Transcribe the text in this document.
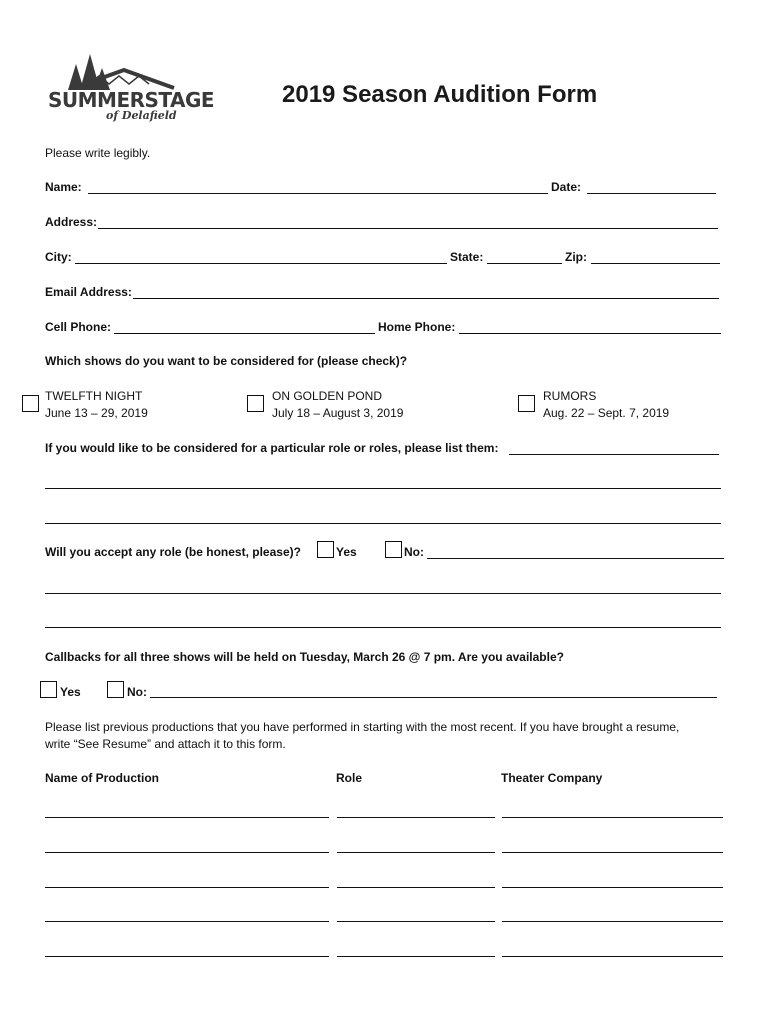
SUMMERSTAGE
of Delafield
2019 Season Audition Form
Please write legibly.
Name:	Date:
Address:
City:	State:	Zip:
Email Address:
Cell Phone:	Home Phone:
Which shows do you want to be considered for (please check)?
TWELFTH NIGHT
June 13 – 29, 2019
ON GOLDEN POND
July 18 – August 3, 2019
RUMORS
Aug. 22 – Sept. 7, 2019
If you would like to be considered for a particular role or roles, please list them:
Will you accept any role (be honest, please)?	Yes	No:
Callbacks for all three shows will be held on Tuesday, March 26 @ 7 pm. Are you available?
Yes	No:
Please list previous productions that you have performed in starting with the most recent. If you have brought a resume,
write “See Resume” and attach it to this form.
Name of Production	Role	Theater Company
